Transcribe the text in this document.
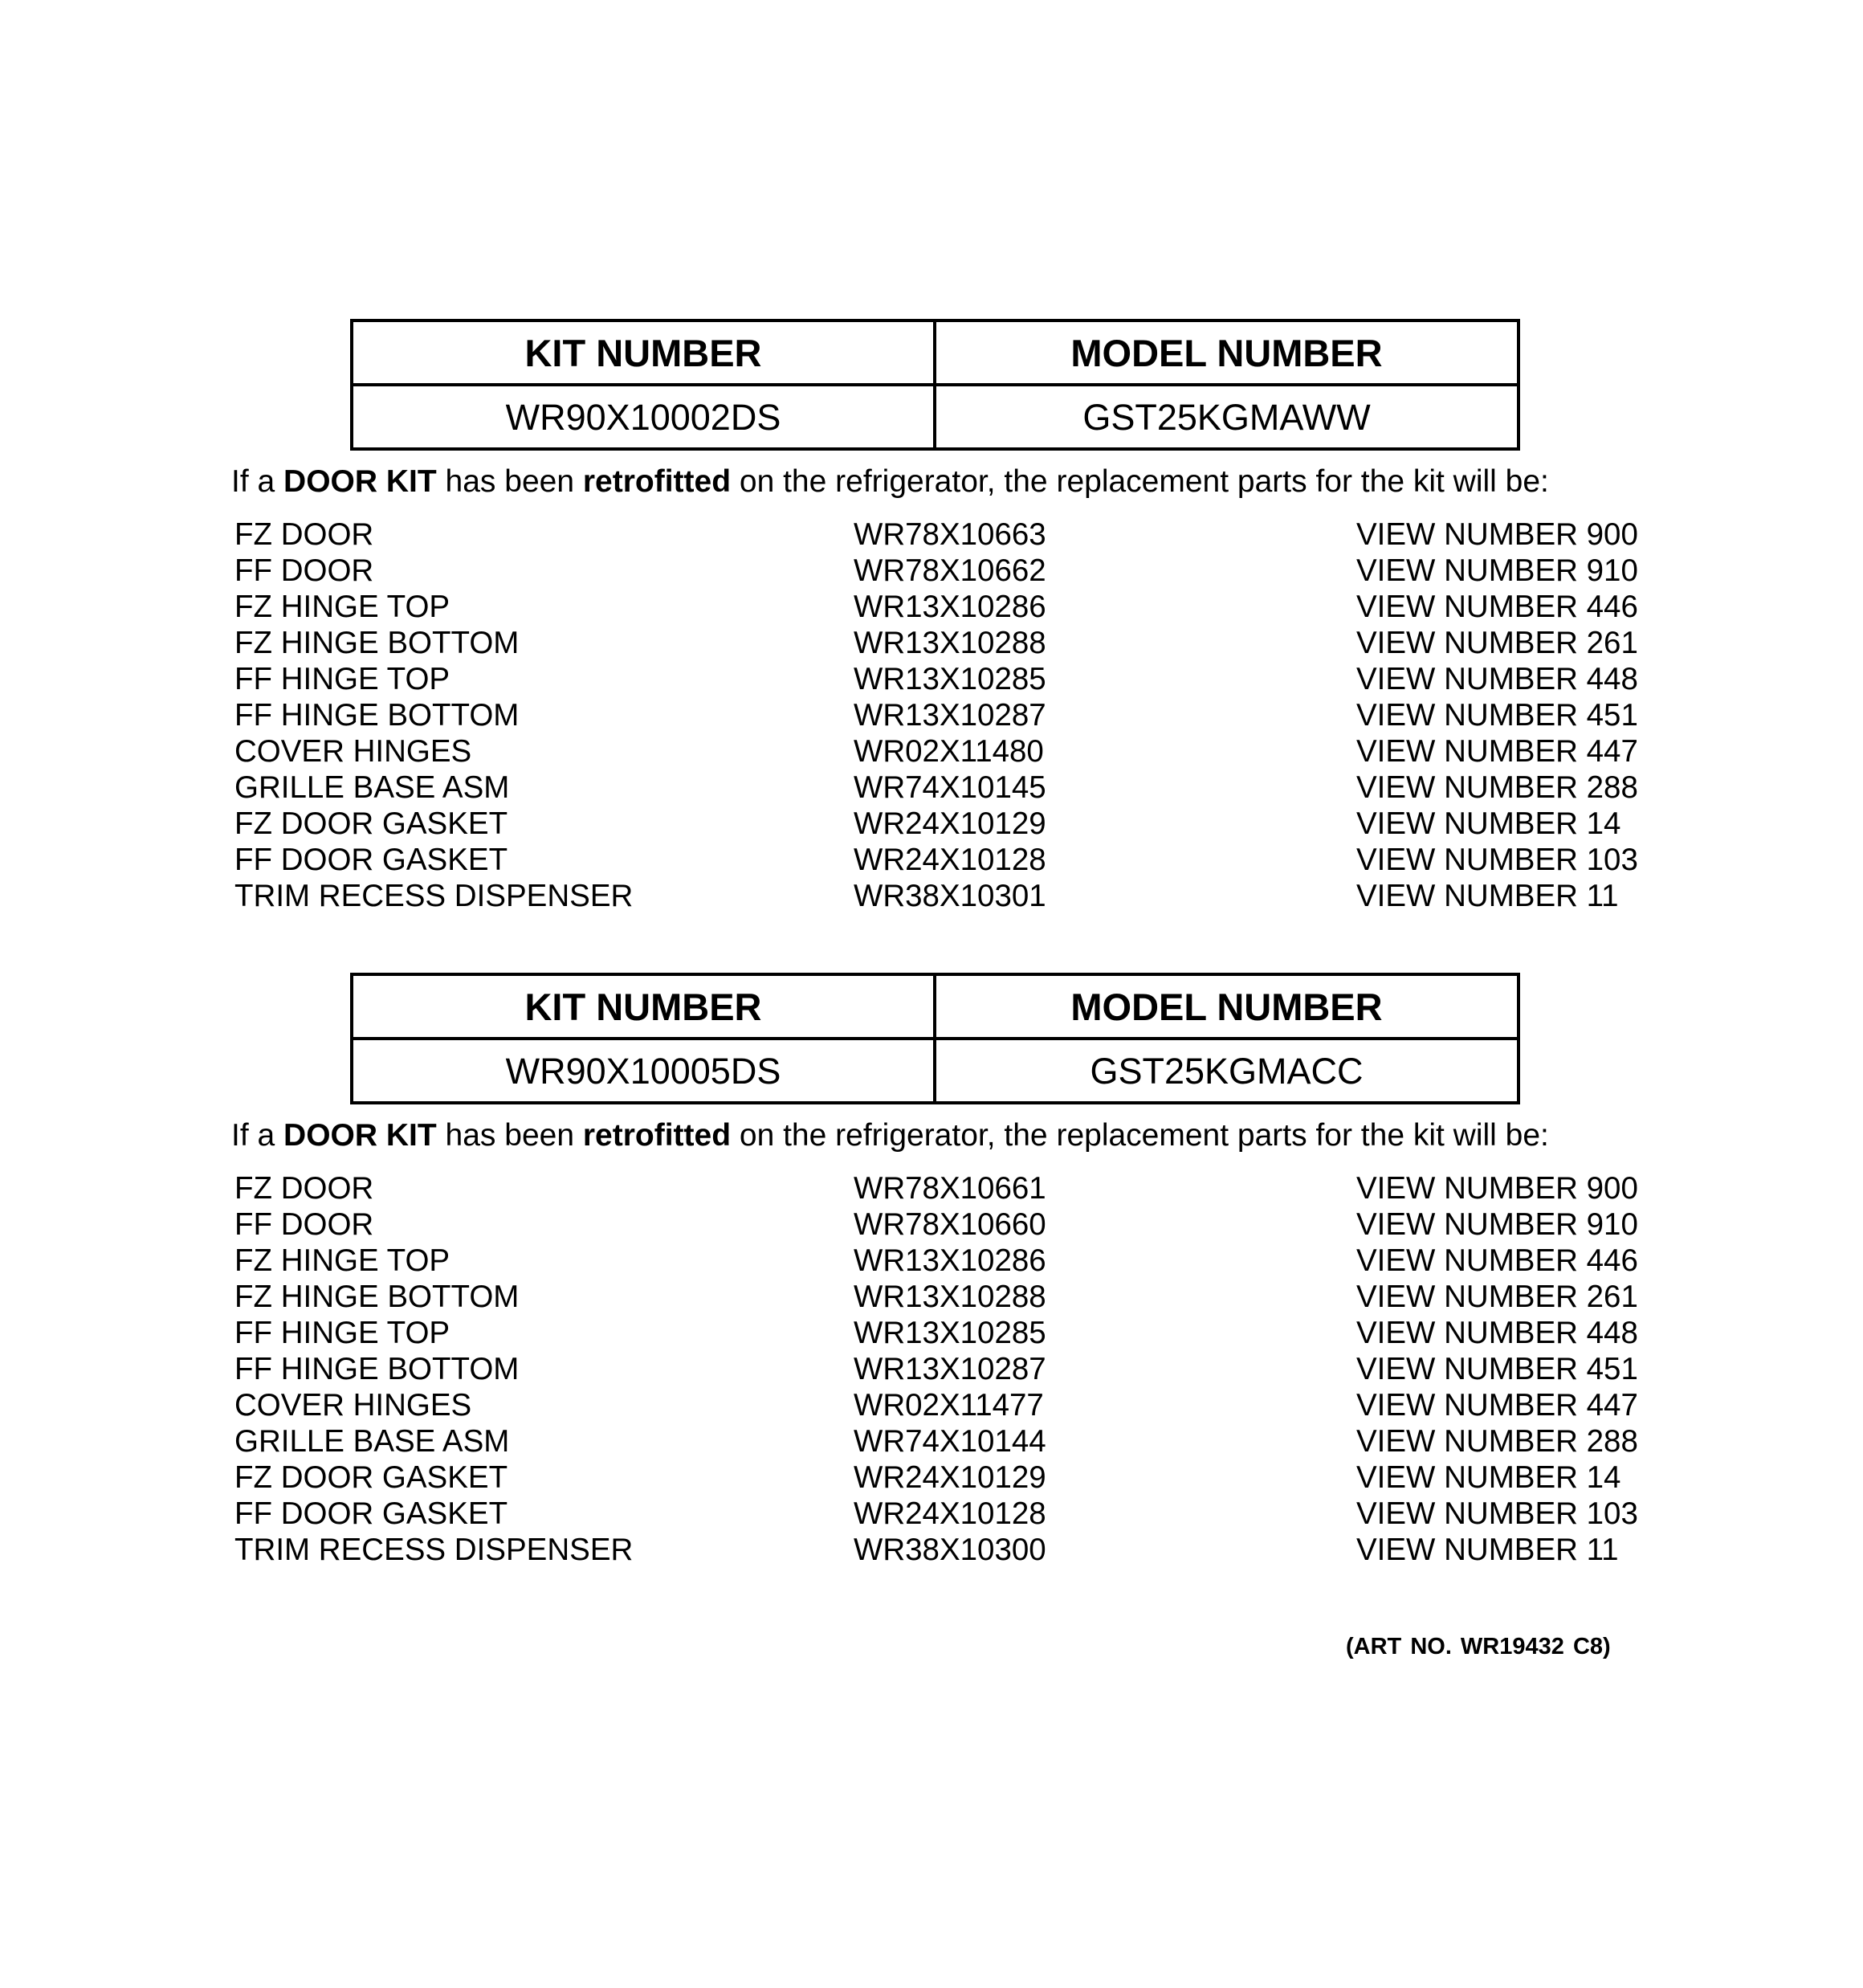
KIT NUMBER	MODEL NUMBER
WR90X10002DS	GST25KGMAWW
If a DOOR KIT has been retrofitted on the refrigerator, the replacement parts for the kit will be:
FZ DOOR	WR78X10663	VIEW NUMBER 900
FF DOOR	WR78X10662	VIEW NUMBER 910
FZ HINGE TOP	WR13X10286	VIEW NUMBER 446
FZ HINGE BOTTOM	WR13X10288	VIEW NUMBER 261
FF HINGE TOP	WR13X10285	VIEW NUMBER 448
FF HINGE BOTTOM	WR13X10287	VIEW NUMBER 451
COVER HINGES	WR02X11480	VIEW NUMBER 447
GRILLE BASE ASM	WR74X10145	VIEW NUMBER 288
FZ DOOR GASKET	WR24X10129	VIEW NUMBER 14
FF DOOR GASKET	WR24X10128	VIEW NUMBER 103
TRIM RECESS DISPENSER	WR38X10301	VIEW NUMBER 11
KIT NUMBER	MODEL NUMBER
WR90X10005DS	GST25KGMACC
If a DOOR KIT has been retrofitted on the refrigerator, the replacement parts for the kit will be:
FZ DOOR	WR78X10661	VIEW NUMBER 900
FF DOOR	WR78X10660	VIEW NUMBER 910
FZ HINGE TOP	WR13X10286	VIEW NUMBER 446
FZ HINGE BOTTOM	WR13X10288	VIEW NUMBER 261
FF HINGE TOP	WR13X10285	VIEW NUMBER 448
FF HINGE BOTTOM	WR13X10287	VIEW NUMBER 451
COVER HINGES	WR02X11477	VIEW NUMBER 447
GRILLE BASE ASM	WR74X10144	VIEW NUMBER 288
FZ DOOR GASKET	WR24X10129	VIEW NUMBER 14
FF DOOR GASKET	WR24X10128	VIEW NUMBER 103
TRIM RECESS DISPENSER	WR38X10300	VIEW NUMBER 11
(ART NO. WR19432 C8)
